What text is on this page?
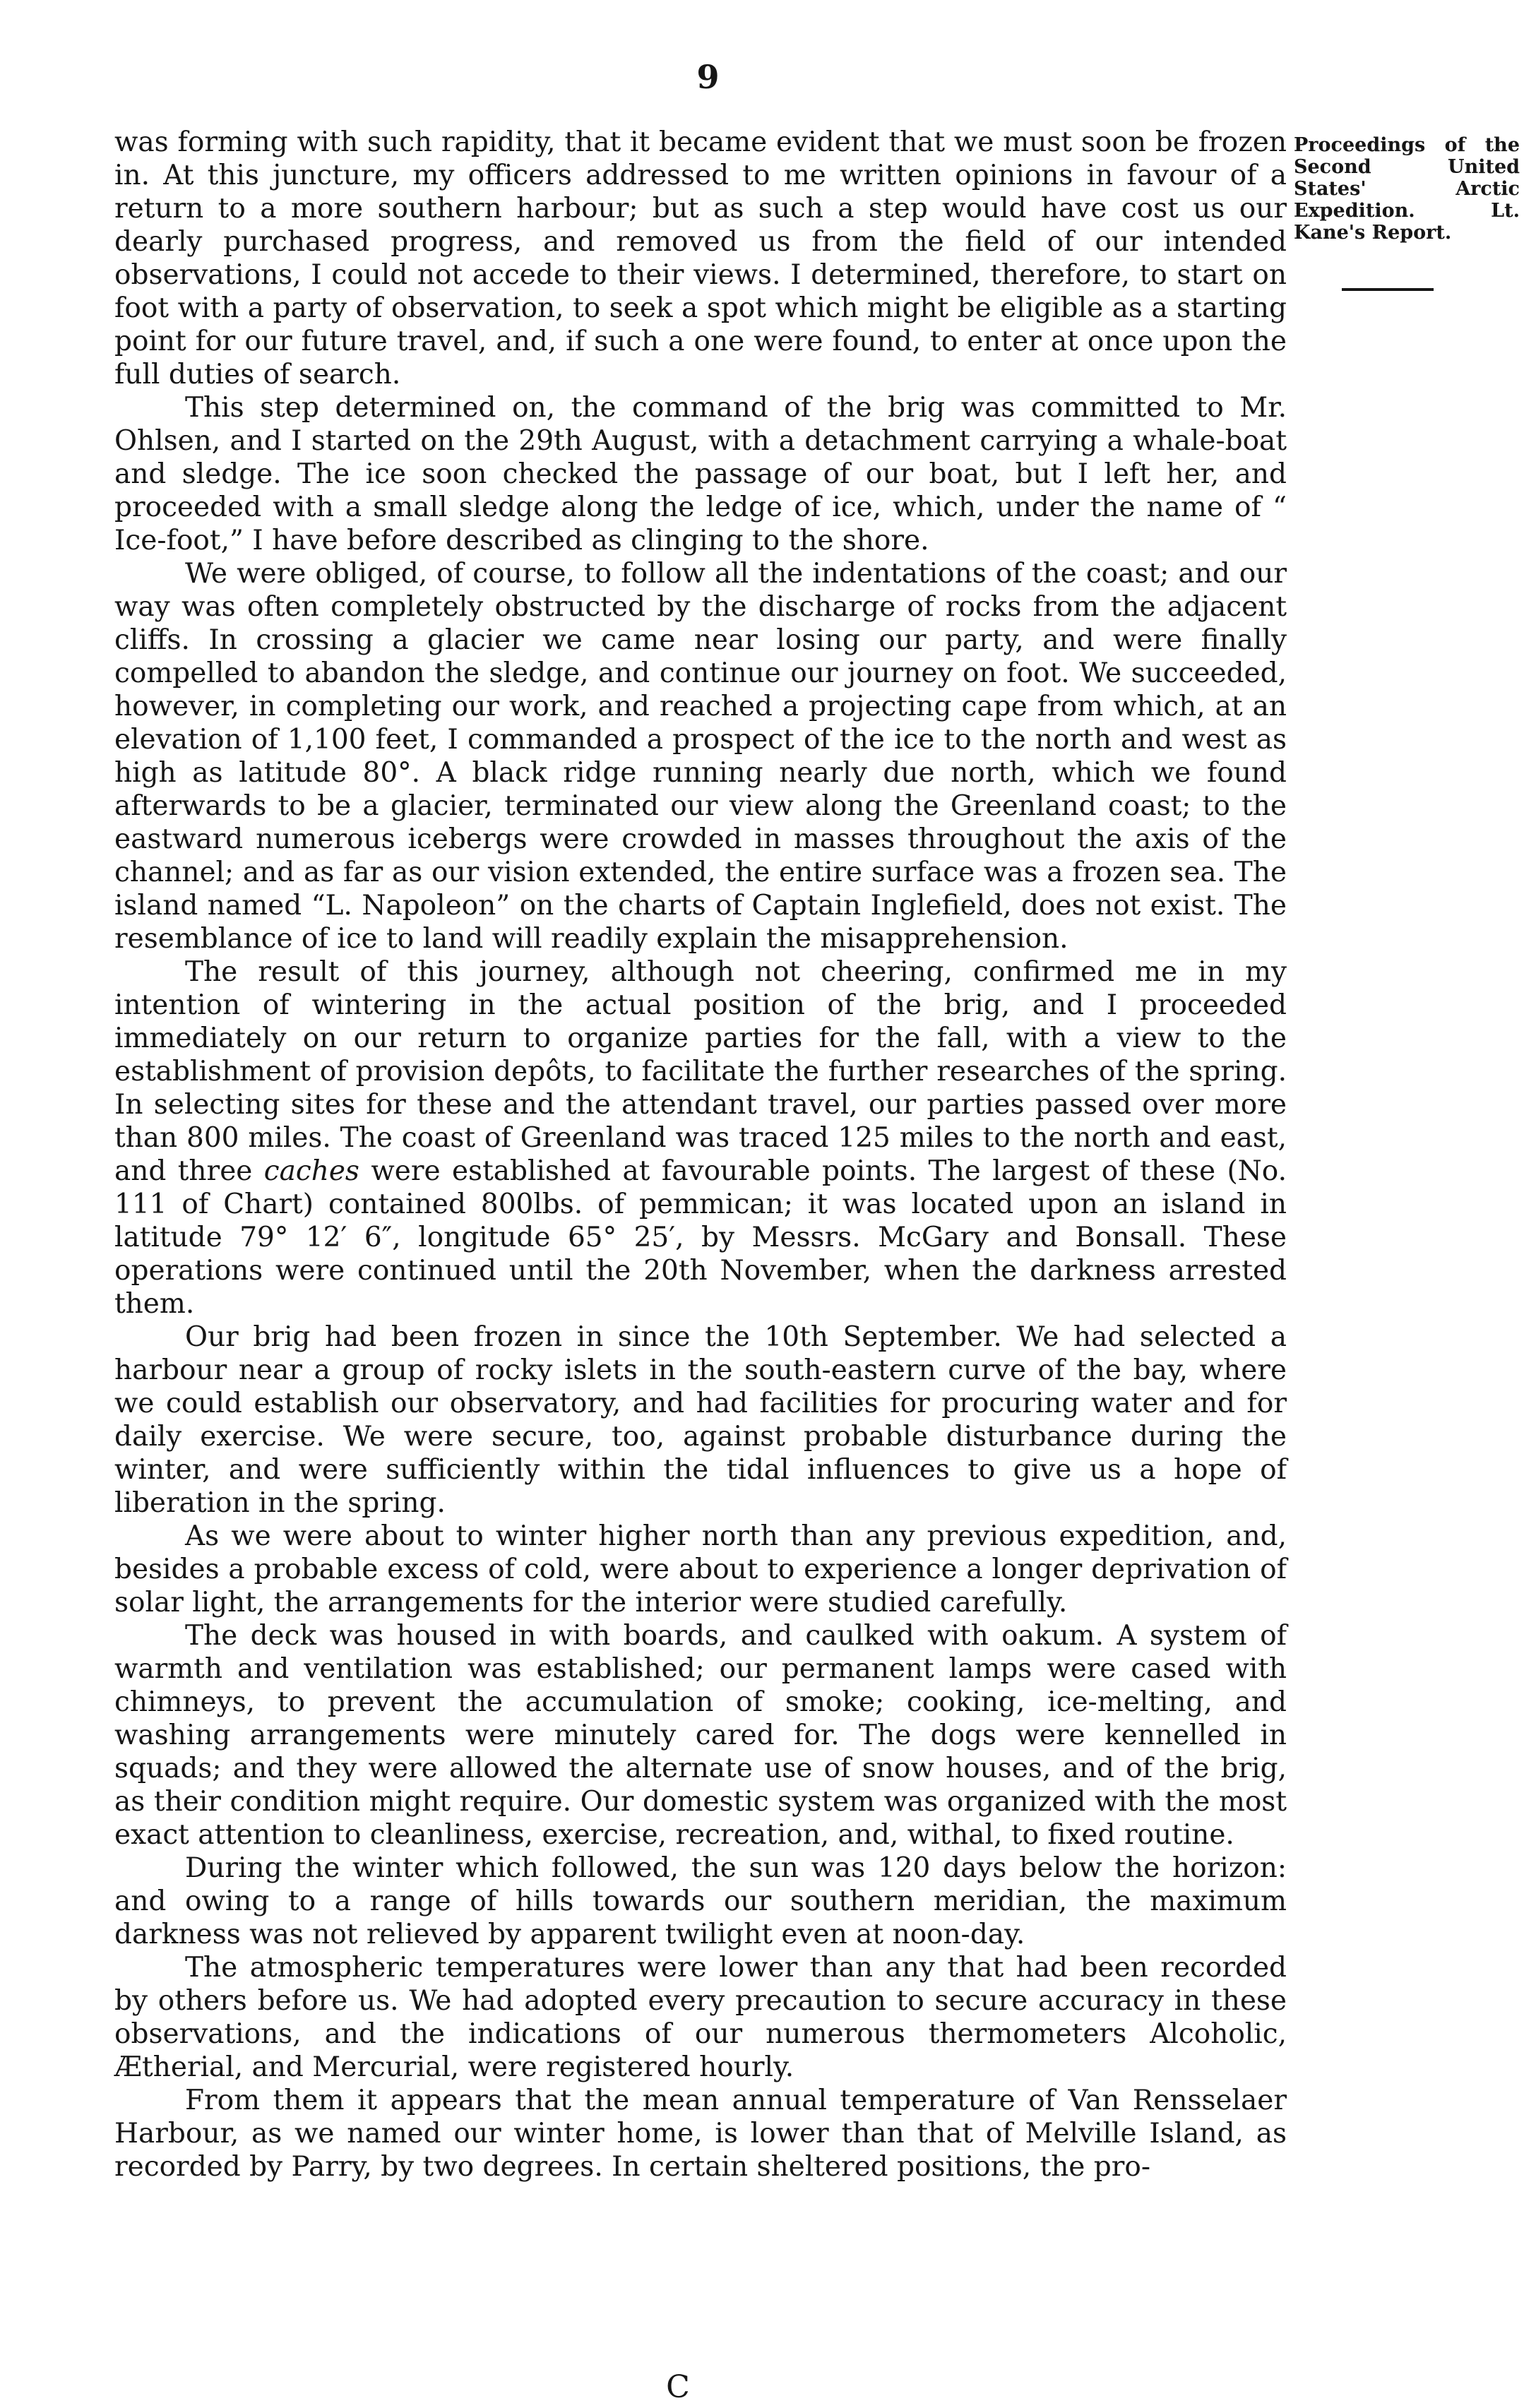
9

was forming with such rapidity, that it became evident that we must soon be frozen in. At this juncture, my officers addressed to me written opinions in favour of a return to a more southern harbour; but as such a step would have cost us our dearly purchased progress, and removed us from the field of our intended observations, I could not accede to their views. I determined, therefore, to start on foot with a party of observation, to seek a spot which might be eligible as a starting point for our future travel, and, if such a one were found, to enter at once upon the full duties of search.

This step determined on, the command of the brig was committed to Mr. Ohlsen, and I started on the 29th August, with a detachment carrying a whale-boat and sledge. The ice soon checked the passage of our boat, but I left her, and proceeded with a small sledge along the ledge of ice, which, under the name of “ Ice-foot,” I have before described as clinging to the shore.

We were obliged, of course, to follow all the indentations of the coast; and our way was often completely obstructed by the discharge of rocks from the adjacent cliffs. In crossing a glacier we came near losing our party, and were finally compelled to abandon the sledge, and continue our journey on foot. We succeeded, however, in completing our work, and reached a projecting cape from which, at an elevation of 1,100 feet, I commanded a prospect of the ice to the north and west as high as latitude 80°. A black ridge running nearly due north, which we found afterwards to be a glacier, terminated our view along the Greenland coast; to the eastward numerous icebergs were crowded in masses throughout the axis of the channel; and as far as our vision extended, the entire surface was a frozen sea. The island named “L. Napoleon” on the charts of Captain Inglefield, does not exist. The resemblance of ice to land will readily explain the misapprehension.

The result of this journey, although not cheering, confirmed me in my intention of wintering in the actual position of the brig, and I proceeded immediately on our return to organize parties for the fall, with a view to the establishment of provision depôts, to facilitate the further researches of the spring. In selecting sites for these and the attendant travel, our parties passed over more than 800 miles. The coast of Greenland was traced 125 miles to the north and east, and three caches were established at favourable points. The largest of these (No. 111 of Chart) contained 800lbs. of pemmican; it was located upon an island in latitude 79° 12′ 6″, longitude 65° 25′, by Messrs. McGary and Bonsall. These operations were continued until the 20th November, when the darkness arrested them.

Our brig had been frozen in since the 10th September. We had selected a harbour near a group of rocky islets in the south-eastern curve of the bay, where we could establish our observatory, and had facilities for procuring water and for daily exercise. We were secure, too, against probable disturbance during the winter, and were sufficiently within the tidal influences to give us a hope of liberation in the spring.

As we were about to winter higher north than any previous expedition, and, besides a probable excess of cold, were about to experience a longer deprivation of solar light, the arrangements for the interior were studied carefully.

The deck was housed in with boards, and caulked with oakum. A system of warmth and ventilation was established; our permanent lamps were cased with chimneys, to prevent the accumulation of smoke; cooking, ice-melting, and washing arrangements were minutely cared for. The dogs were kennelled in squads; and they were allowed the alternate use of snow houses, and of the brig, as their condition might require. Our domestic system was organized with the most exact attention to cleanliness, exercise, recreation, and, withal, to fixed routine.

During the winter which followed, the sun was 120 days below the horizon: and owing to a range of hills towards our southern meridian, the maximum darkness was not relieved by apparent twilight even at noon-day.

The atmospheric temperatures were lower than any that had been recorded by others before us. We had adopted every precaution to secure accuracy in these observations, and the indications of our numerous thermometers Alcoholic, Ætherial, and Mercurial, were registered hourly.

From them it appears that the mean annual temperature of Van Rensselaer Harbour, as we named our winter home, is lower than that of Melville Island, as recorded by Parry, by two degrees. In certain sheltered positions, the pro-

Proceedings of the Second United States' Arctic Expedition. Lt. Kane's Report.
C
